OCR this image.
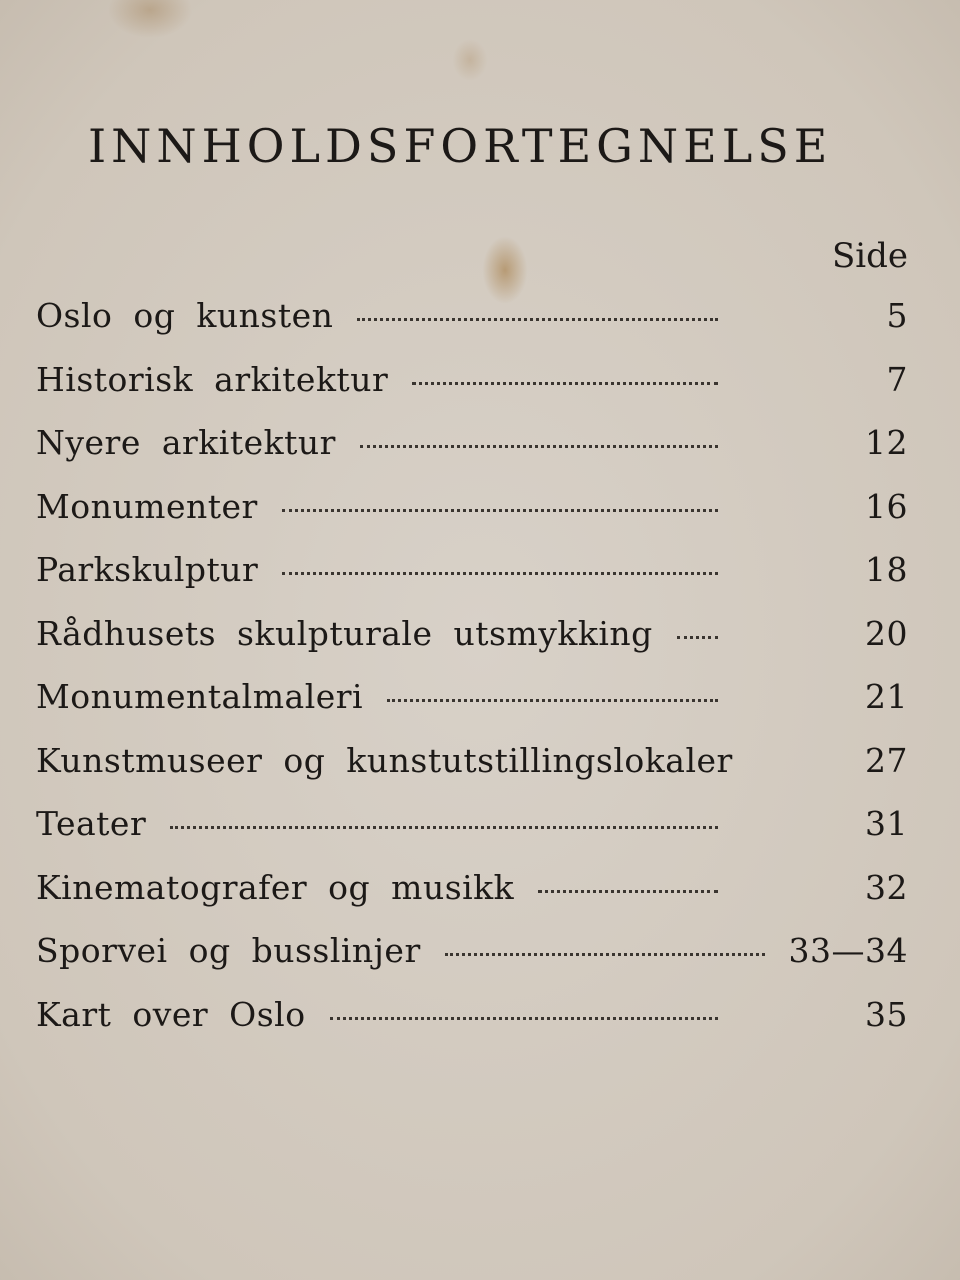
INNHOLDSFORTEGNELSE
Side
Oslo og kunsten	5
Historisk arkitektur	7
Nyere arkitektur	12
Monumenter	16
Parkskulptur	18
Rådhusets skulpturale utsmykking	20
Monumentalmaleri	21
Kunstmuseer og kunstutstillingslokaler	27
Teater	31
Kinematografer og musikk	32
Sporvei og busslinjer	33—34
Kart over Oslo	35
